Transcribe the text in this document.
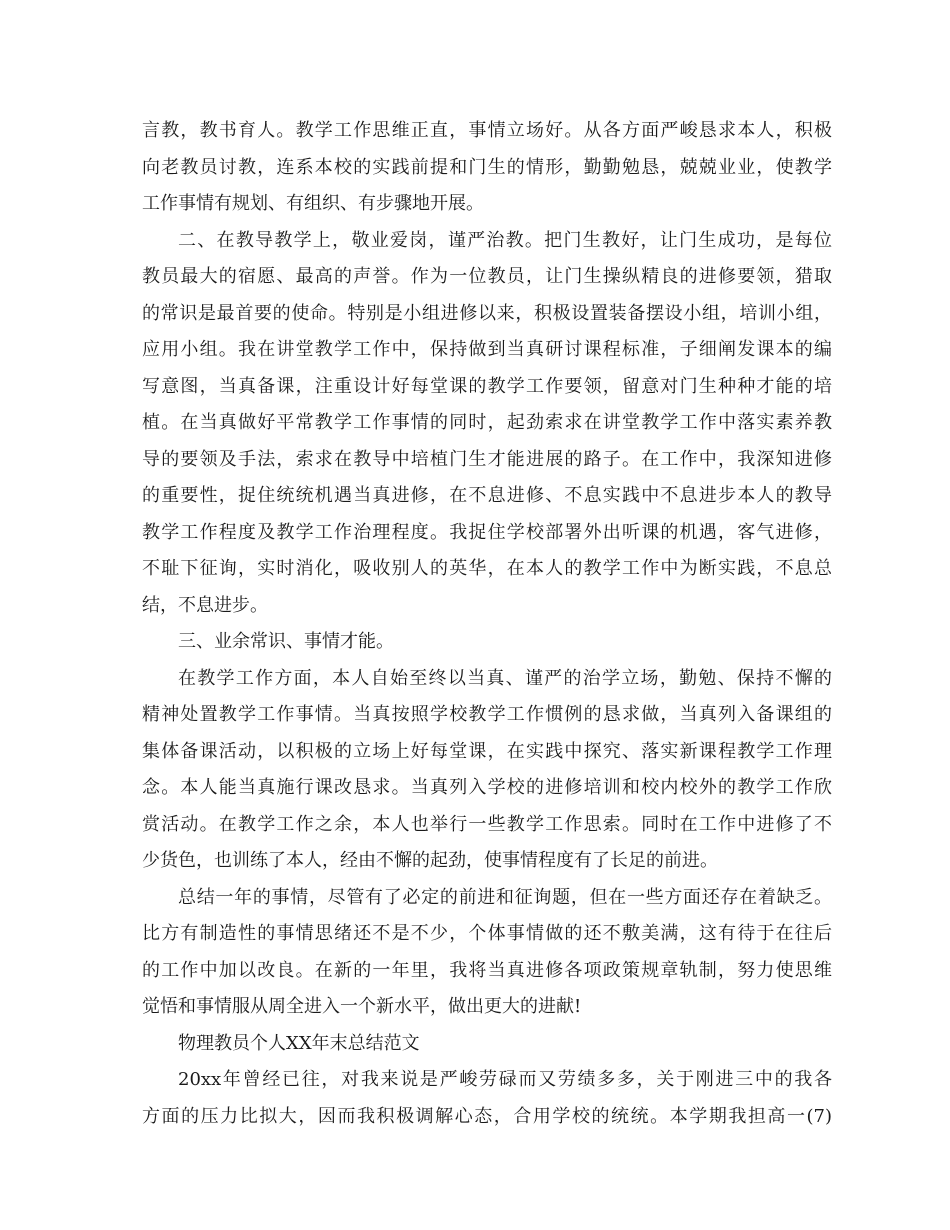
言教，教书育人。教学工作思维正直，事情立场好。从各方面严峻恳求本人，积极
向老教员讨教，连系本校的实践前提和门生的情形，勤勤勉恳，兢兢业业，使教学
工作事情有规划、有组织、有步骤地开展。
二、在教导教学上，敬业爱岗，谨严治教。把门生教好，让门生成功，是每位
教员最大的宿愿、最高的声誉。作为一位教员，让门生操纵精良的进修要领，猎取
的常识是最首要的使命。特别是小组进修以来，积极设置装备摆设小组，培训小组，
应用小组。我在讲堂教学工作中，保持做到当真研讨课程标准，子细阐发课本的编
写意图，当真备课，注重设计好每堂课的教学工作要领，留意对门生种种才能的培
植。在当真做好平常教学工作事情的同时，起劲索求在讲堂教学工作中落实素养教
导的要领及手法，索求在教导中培植门生才能进展的路子。在工作中，我深知进修
的重要性，捉住统统机遇当真进修，在不息进修、不息实践中不息进步本人的教导
教学工作程度及教学工作治理程度。我捉住学校部署外出听课的机遇，客气进修，
不耻下征询，实时消化，吸收别人的英华，在本人的教学工作中为断实践，不息总
结，不息进步。
三、业余常识、事情才能。
在教学工作方面，本人自始至终以当真、谨严的治学立场，勤勉、保持不懈的
精神处置教学工作事情。当真按照学校教学工作惯例的恳求做，当真列入备课组的
集体备课活动，以积极的立场上好每堂课，在实践中探究、落实新课程教学工作理
念。本人能当真施行课改恳求。当真列入学校的进修培训和校内校外的教学工作欣
赏活动。在教学工作之余，本人也举行一些教学工作思索。同时在工作中进修了不
少货色，也训练了本人，经由不懈的起劲，使事情程度有了长足的前进。
总结一年的事情，尽管有了必定的前进和征询题，但在一些方面还存在着缺乏。
比方有制造性的事情思绪还不是不少，个体事情做的还不敷美满，这有待于在往后
的工作中加以改良。在新的一年里，我将当真进修各项政策规章轨制，努力使思维
觉悟和事情服从周全进入一个新水平，做出更大的进献!
物理教员个人XX年末总结范文
20xx年曾经已往，对我来说是严峻劳碌而又劳绩多多，关于刚进三中的我各
方面的压力比拟大，因而我积极调解心态，合用学校的统统。本学期我担高一(7)
